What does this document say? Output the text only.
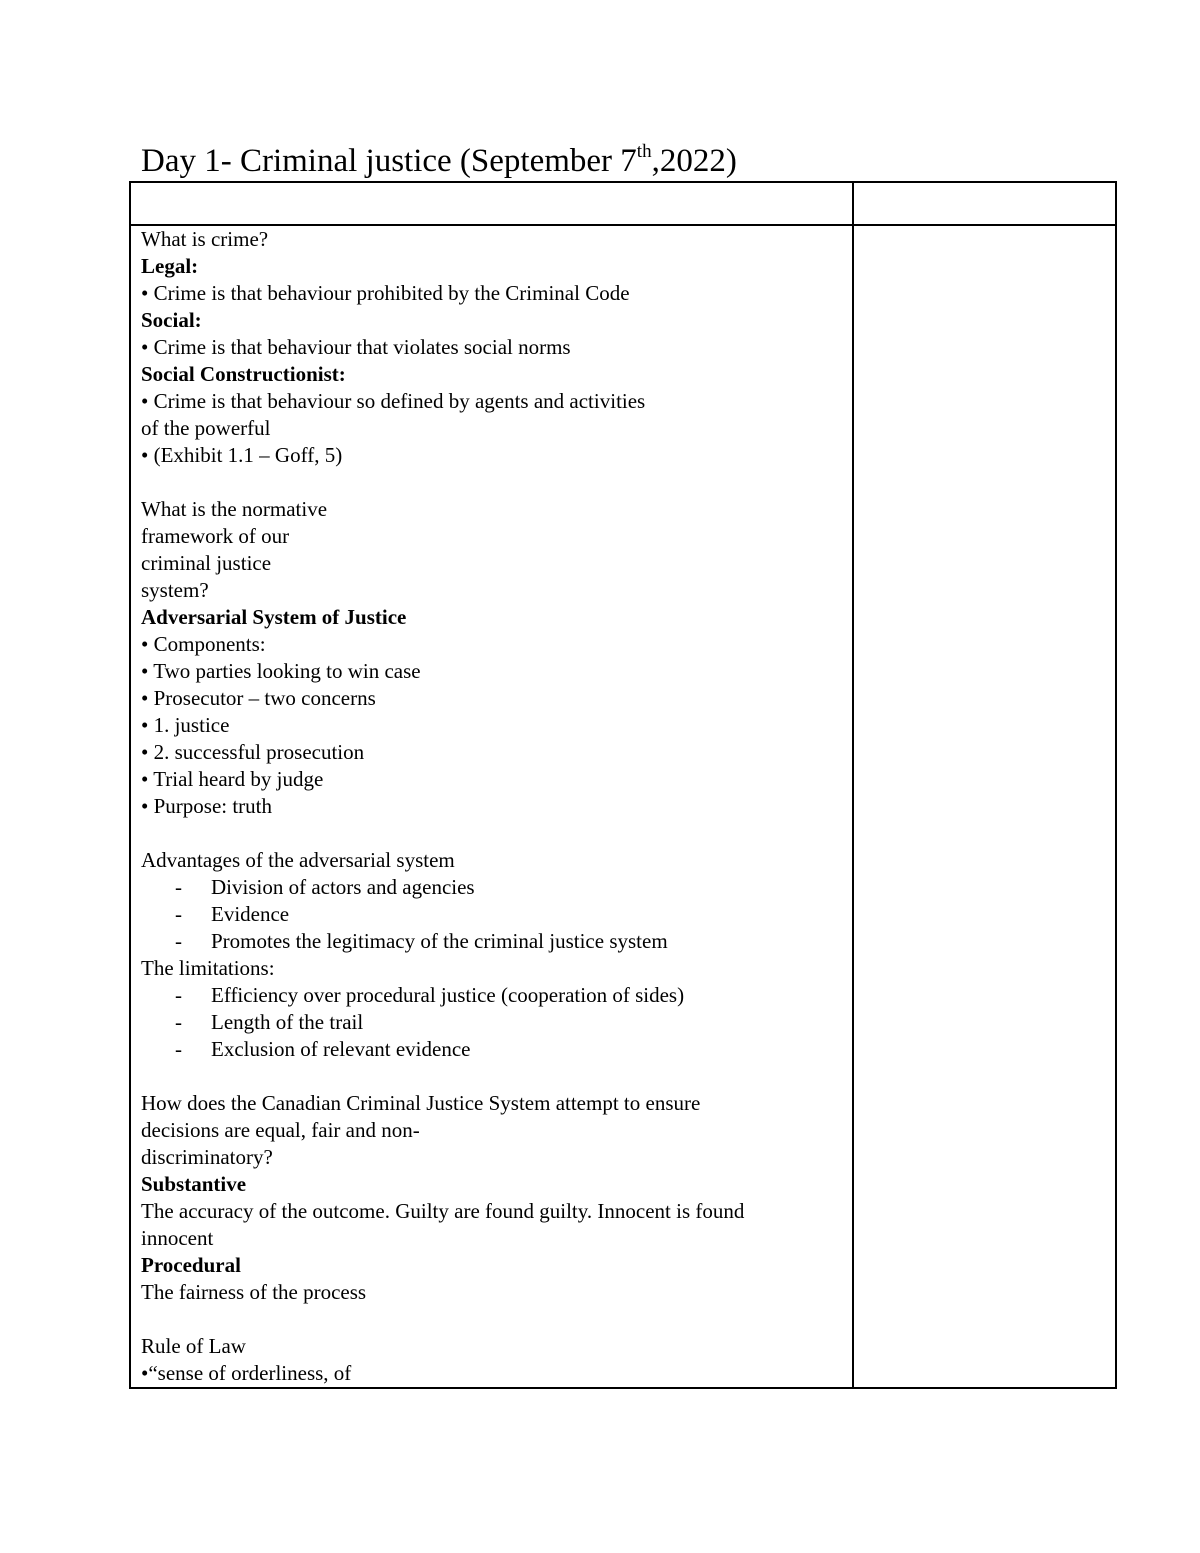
Day 1- Criminal justice (September 7th,2022)
What is crime?
Legal:
• Crime is that behaviour prohibited by the Criminal Code
Social:
• Crime is that behaviour that violates social norms
Social Constructionist:
• Crime is that behaviour so defined by agents and activities
of the powerful
• (Exhibit 1.1 – Goff, 5)
What is the normative
framework of our
criminal justice
system?
Adversarial System of Justice
• Components:
• Two parties looking to win case
• Prosecutor – two concerns
• 1. justice
• 2. successful prosecution
• Trial heard by judge
• Purpose: truth
Advantages of the adversarial system
- Division of actors and agencies
- Evidence
- Promotes the legitimacy of the criminal justice system
The limitations:
- Efficiency over procedural justice (cooperation of sides)
- Length of the trail
- Exclusion of relevant evidence
How does the Canadian Criminal Justice System attempt to ensure
decisions are equal, fair and non-
discriminatory?
Substantive
The accuracy of the outcome. Guilty are found guilty. Innocent is found
innocent
Procedural
The fairness of the process
Rule of Law
•“sense of orderliness, of
